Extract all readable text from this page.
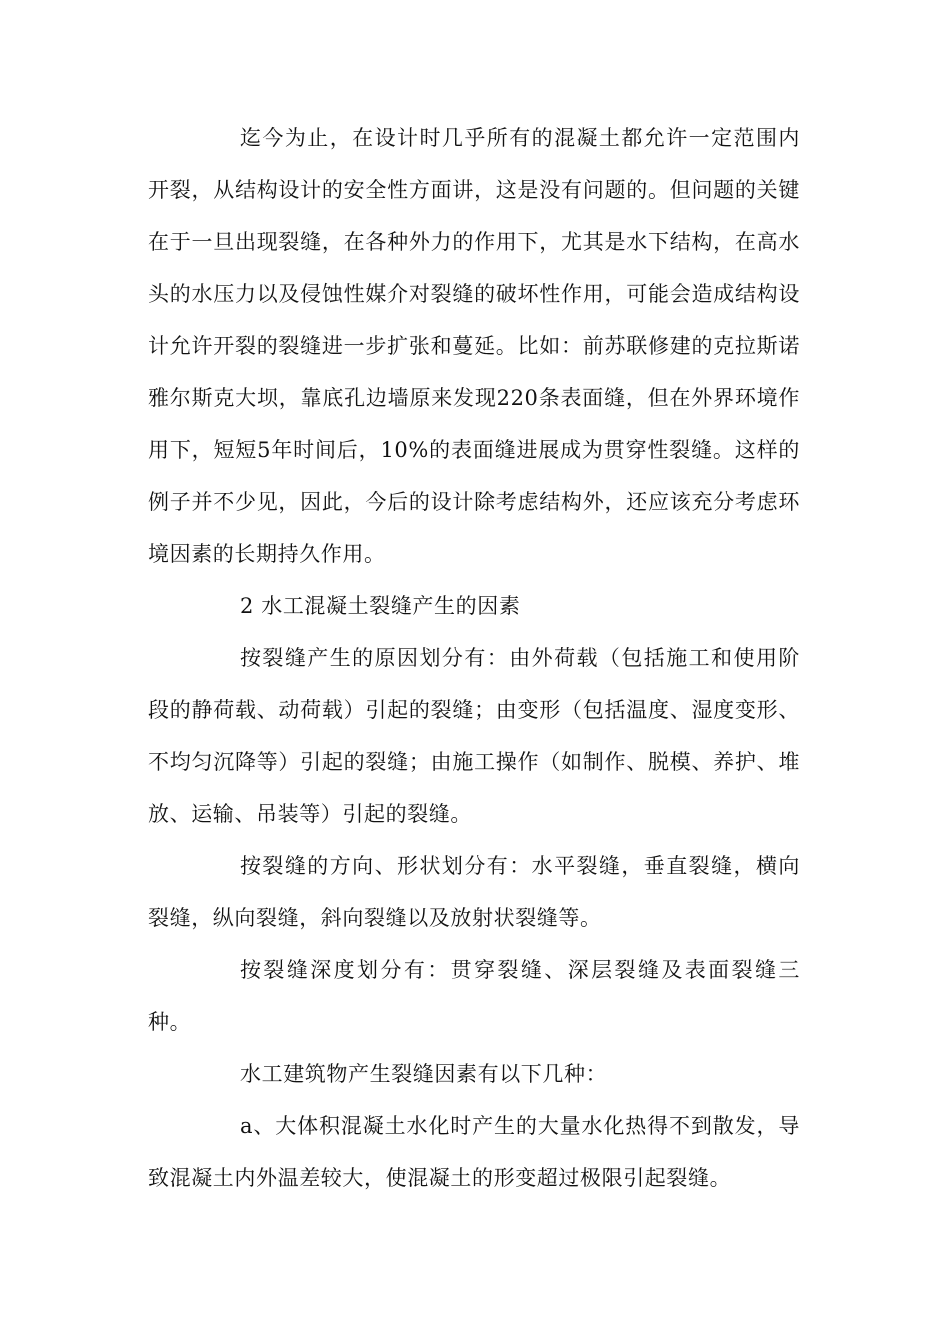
迄今为止，在设计时几乎所有的混凝土都允许一定范围内开裂，从结构设计的安全性方面讲，这是没有问题的。但问题的关键在于一旦出现裂缝，在各种外力的作用下，尤其是水下结构，在高水头的水压力以及侵蚀性媒介对裂缝的破坏性作用，可能会造成结构设计允许开裂的裂缝进一步扩张和蔓延。比如：前苏联修建的克拉斯诺雅尔斯克大坝，靠底孔边墙原来发现220条表面缝，但在外界环境作用下，短短5年时间后，10%的表面缝进展成为贯穿性裂缝。这样的例子并不少见，因此，今后的设计除考虑结构外，还应该充分考虑环境因素的长期持久作用。

2 水工混凝土裂缝产生的因素

按裂缝产生的原因划分有：由外荷载（包括施工和使用阶段的静荷载、动荷载）引起的裂缝；由变形（包括温度、湿度变形、不均匀沉降等）引起的裂缝；由施工操作（如制作、脱模、养护、堆放、运输、吊装等）引起的裂缝。

按裂缝的方向、形状划分有：水平裂缝，垂直裂缝，横向裂缝，纵向裂缝，斜向裂缝以及放射状裂缝等。

按裂缝深度划分有：贯穿裂缝、深层裂缝及表面裂缝三种。

水工建筑物产生裂缝因素有以下几种：

a、大体积混凝土水化时产生的大量水化热得不到散发，导致混凝土内外温差较大，使混凝土的形变超过极限引起裂缝。
